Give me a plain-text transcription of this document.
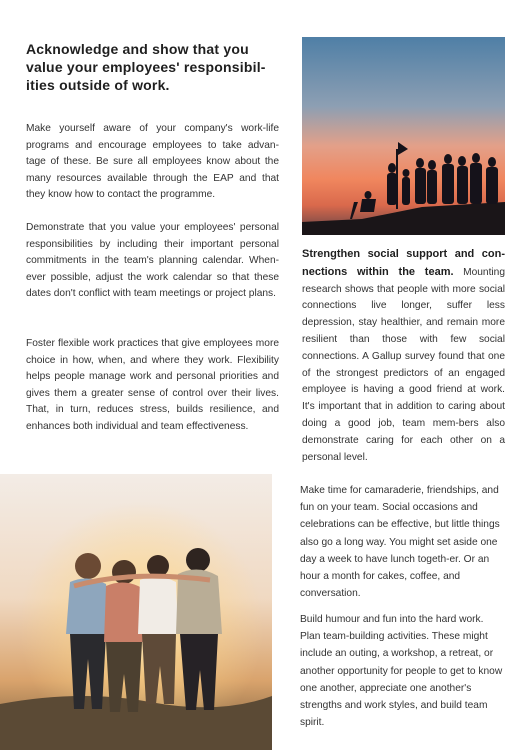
Acknowledge and show that you value your employees' responsibil-ities outside of work.
Make yourself aware of your company's work-life programs and encourage employees to take advan-tage of these. Be sure all employees know about the many resources available through the EAP and that they know how to contact the programme.
Demonstrate that you value your employees' personal responsibilities by including their important personal commitments in the team's planning calendar. When-ever possible, adjust the work calendar so that these dates don't conflict with team meetings or project plans.
Foster flexible work practices that give employees more choice in how, when, and where they work. Flexibility helps people manage work and personal priorities and gives them a greater sense of control over their lives. That, in turn, reduces stress, builds resilience, and enhances both individual and team effectiveness.
Strengthen social support and con-nections within the team. Mounting research shows that people with more social connections live longer, suffer less depression, stay healthier, and remain more resilient than those with few social connections. A Gallup survey found that one of the strongest predictors of an engaged employee is having a good friend at work. It's important that in addition to caring about doing a good job, team mem-bers also demonstrate caring for each other on a personal level.
Make time for camaraderie, friendships, and fun on your team. Social occasions and celebrations can be effective, but little things also go a long way. You might set aside one day a week to have lunch togeth-er. Or an hour a month for cakes, coffee, and conversation.
Build humour and fun into the hard work. Plan team-building activities. These might include an outing, a workshop, a retreat, or another opportunity for people to get to know one another, appreciate one another's strengths and work styles, and build team spirit.
